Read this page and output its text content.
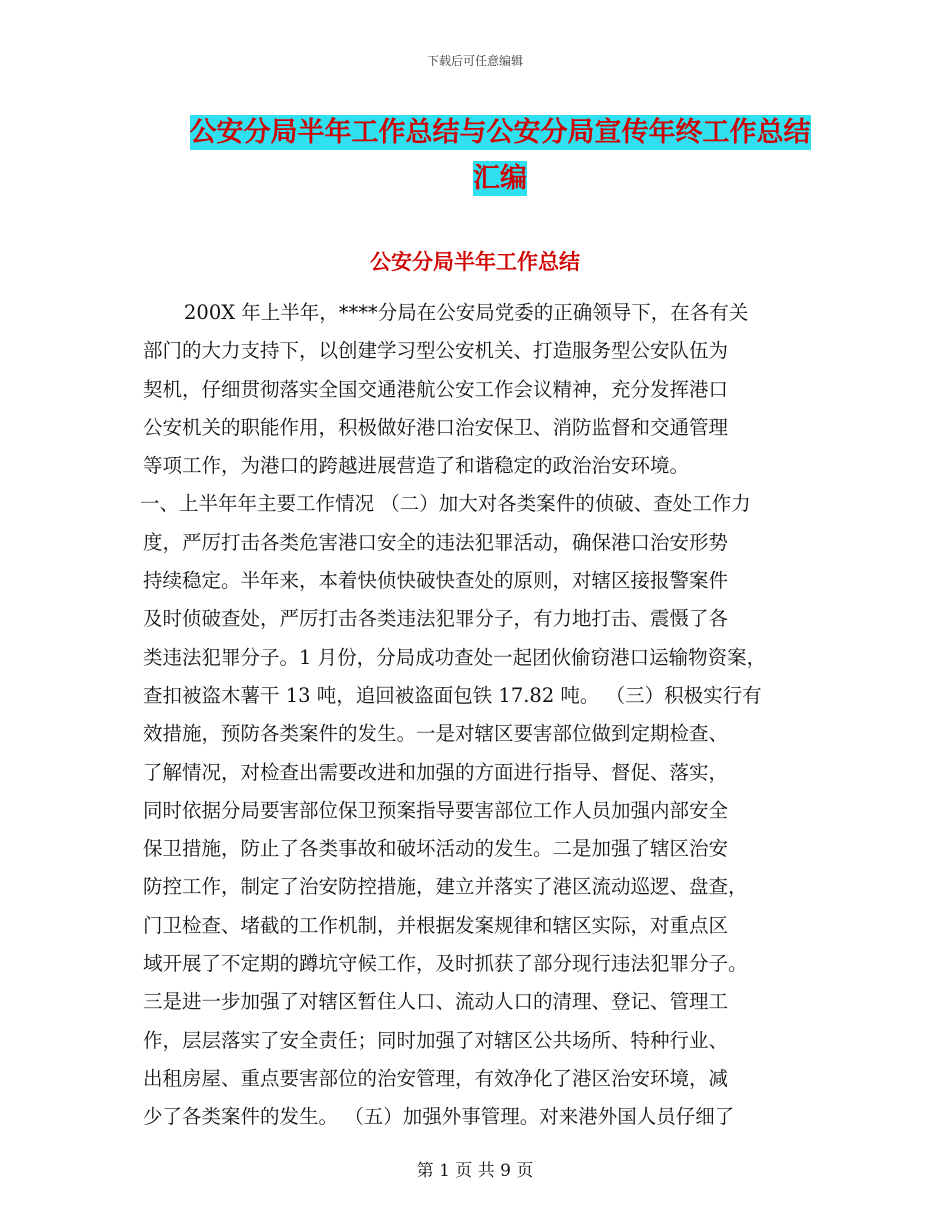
下载后可任意编辑
公安分局半年工作总结与公安分局宣传年终工作总结
汇编
公安分局半年工作总结
200X 年上半年，****分局在公安局党委的正确领导下，在各有关
部门的大力支持下，以创建学习型公安机关、打造服务型公安队伍为
契机，仔细贯彻落实全国交通港航公安工作会议精神，充分发挥港口
公安机关的职能作用，积极做好港口治安保卫、消防监督和交通管理
等项工作，为港口的跨越进展营造了和谐稳定的政治治安环境。
一、上半年年主要工作情况 （二）加大对各类案件的侦破、查处工作力
度，严厉打击各类危害港口安全的违法犯罪活动，确保港口治安形势
持续稳定。半年来，本着快侦快破快查处的原则，对辖区接报警案件
及时侦破查处，严厉打击各类违法犯罪分子，有力地打击、震慑了各
类违法犯罪分子。1 月份，分局成功查处一起团伙偷窃港口运输物资案，
查扣被盗木薯干 13 吨，追回被盗面包铁 17.82 吨。 （三）积极实行有
效措施，预防各类案件的发生。一是对辖区要害部位做到定期检查、
了解情况，对检查出需要改进和加强的方面进行指导、督促、落实，
同时依据分局要害部位保卫预案指导要害部位工作人员加强内部安全
保卫措施，防止了各类事故和破坏活动的发生。二是加强了辖区治安
防控工作，制定了治安防控措施，建立并落实了港区流动巡逻、盘查，
门卫检查、堵截的工作机制，并根据发案规律和辖区实际，对重点区
域开展了不定期的蹲坑守候工作，及时抓获了部分现行违法犯罪分子。
三是进一步加强了对辖区暂住人口、流动人口的清理、登记、管理工
作，层层落实了安全责任；同时加强了对辖区公共场所、特种行业、
出租房屋、重点要害部位的治安管理，有效净化了港区治安环境，减
少了各类案件的发生。 （五）加强外事管理。对来港外国人员仔细了
第 1 页 共 9 页
